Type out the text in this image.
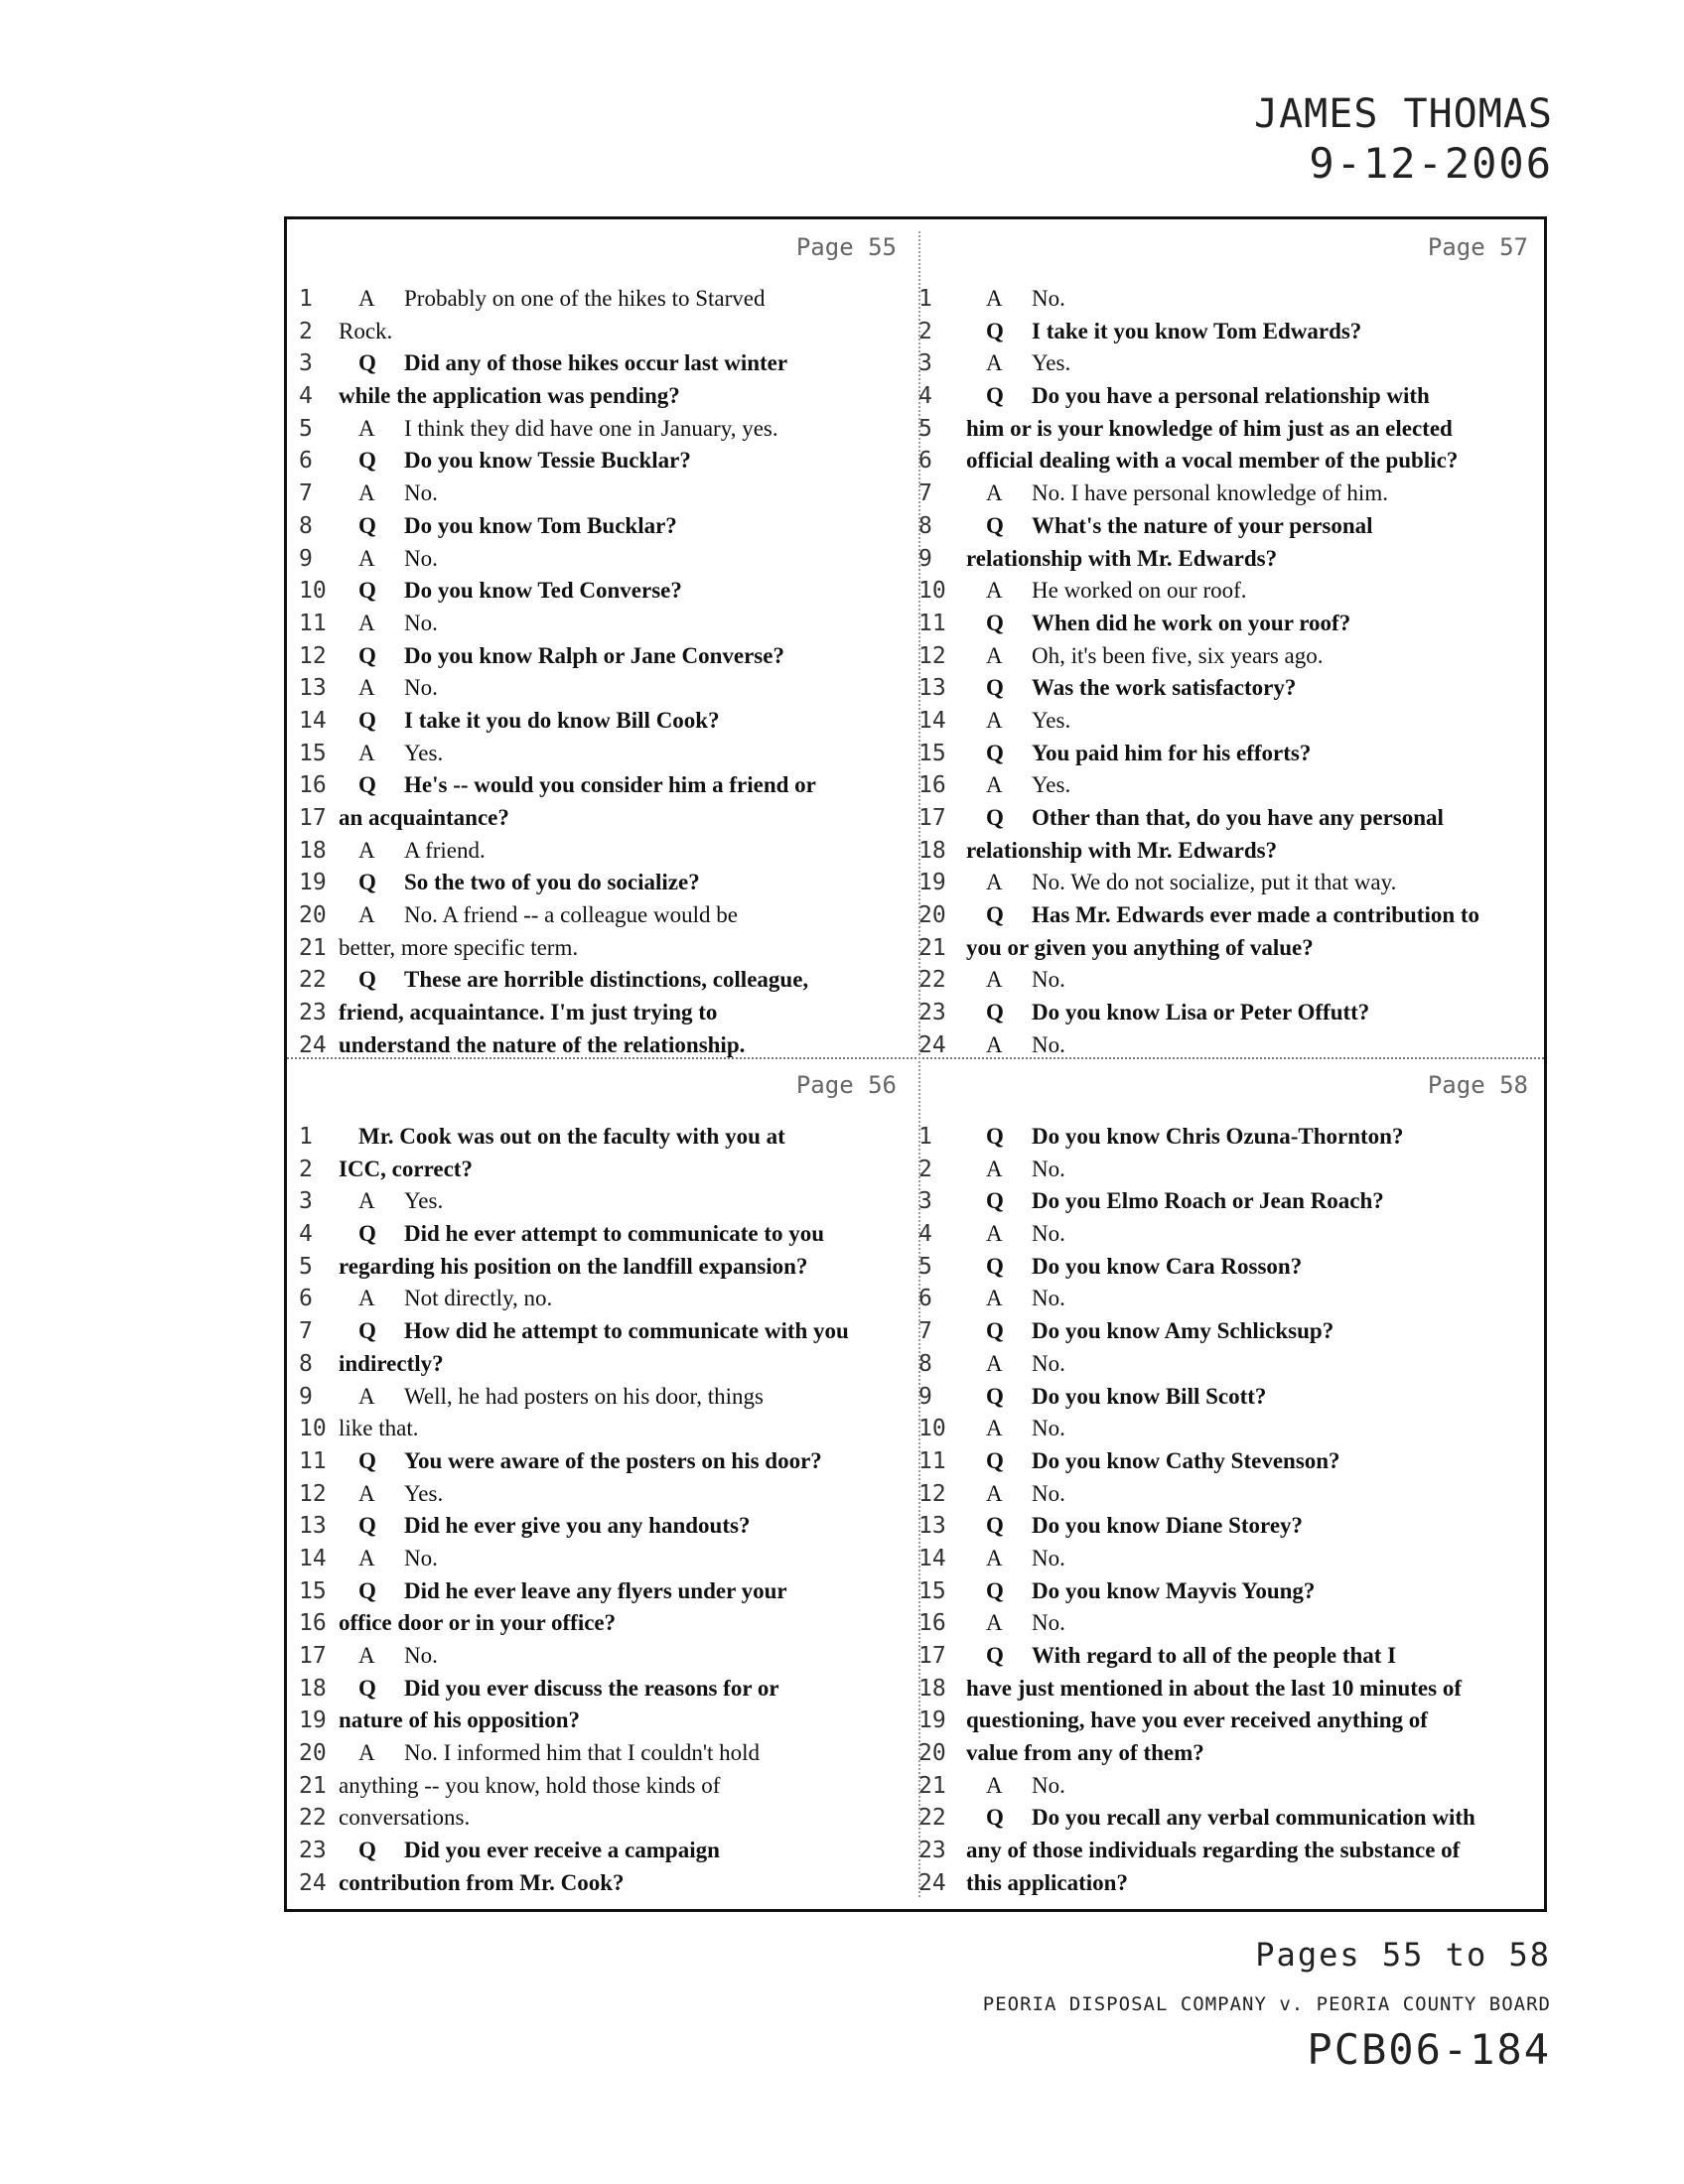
JAMES THOMAS
9-12-2006
Page 55
1	A Probably on one of the hikes to Starved
2	Rock.
3	Q Did any of those hikes occur last winter
4	while the application was pending?
5	A I think they did have one in January, yes.
6	Q Do you know Tessie Bucklar?
7	A No.
8	Q Do you know Tom Bucklar?
9	A No.
10	Q Do you know Ted Converse?
11	A No.
12	Q Do you know Ralph or Jane Converse?
13	A No.
14	Q I take it you do know Bill Cook?
15	A Yes.
16	Q He's -- would you consider him a friend or
17 an acquaintance?
18	A A friend.
19	Q So the two of you do socialize?
20	A No. A friend -- a colleague would be
21 better, more specific term.
22	Q These are horrible distinctions, colleague,
23 friend, acquaintance. I'm just trying to
24 understand the nature of the relationship.
Page 57
1	A No.
2	Q I take it you know Tom Edwards?
3	A Yes.
4	Q Do you have a personal relationship with
5	him or is your knowledge of him just as an elected
6	official dealing with a vocal member of the public?
7	A No. I have personal knowledge of him.
8	Q What's the nature of your personal
9	relationship with Mr. Edwards?
10	A He worked on our roof.
11	Q When did he work on your roof?
12	A Oh, it's been five, six years ago.
13	Q Was the work satisfactory?
14	A Yes.
15	Q You paid him for his efforts?
16	A Yes.
17	Q Other than that, do you have any personal
18 relationship with Mr. Edwards?
19	A No. We do not socialize, put it that way.
20	Q Has Mr. Edwards ever made a contribution to
21 you or given you anything of value?
22	A No.
23	Q Do you know Lisa or Peter Offutt?
24	A No.
Page 56
1	Mr. Cook was out on the faculty with you at
2	ICC, correct?
3	A Yes.
4	Q Did he ever attempt to communicate to you
5	regarding his position on the landfill expansion?
6	A Not directly, no.
7	Q How did he attempt to communicate with you
8	indirectly?
9	A Well, he had posters on his door, things
10 like that.
11	Q You were aware of the posters on his door?
12	A Yes.
13	Q Did he ever give you any handouts?
14	A No.
15	Q Did he ever leave any flyers under your
16 office door or in your office?
17	A No.
18	Q Did you ever discuss the reasons for or
19 nature of his opposition?
20	A No. I informed him that I couldn't hold
21 anything -- you know, hold those kinds of
22 conversations.
23	Q Did you ever receive a campaign
24 contribution from Mr. Cook?
Page 58
1	Q Do you know Chris Ozuna-Thornton?
2	A No.
3	Q Do you Elmo Roach or Jean Roach?
4	A No.
5	Q Do you know Cara Rosson?
6	A No.
7	Q Do you know Amy Schlicksup?
8	A No.
9	Q Do you know Bill Scott?
10	A No.
11	Q Do you know Cathy Stevenson?
12	A No.
13	Q Do you know Diane Storey?
14	A No.
15	Q Do you know Mayvis Young?
16	A No.
17	Q With regard to all of the people that I
18 have just mentioned in about the last 10 minutes of
19 questioning, have you ever received anything of
20 value from any of them?
21	A No.
22	Q Do you recall any verbal communication with
23 any of those individuals regarding the substance of
24 this application?
Pages 55 to 58
PEORIA DISPOSAL COMPANY v. PEORIA COUNTY BOARD
PCB06-184
